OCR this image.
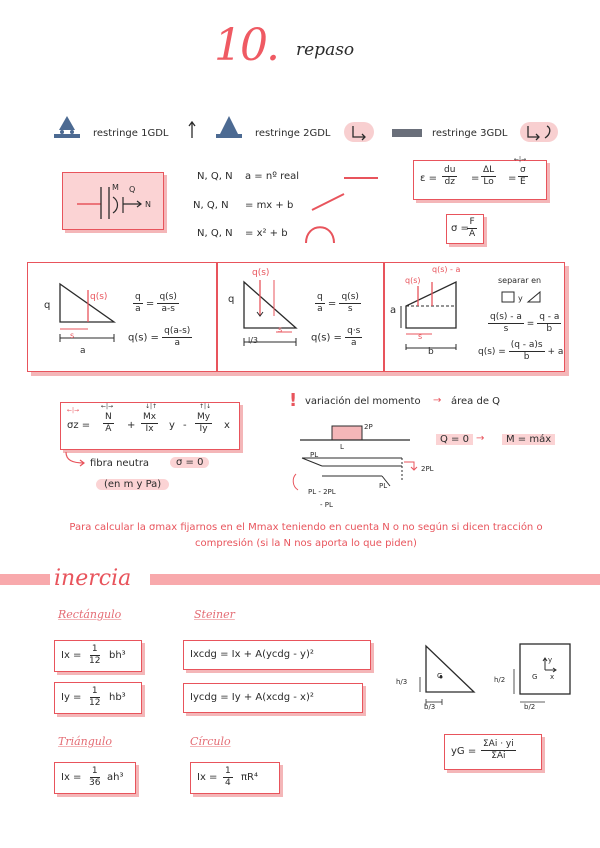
10. repaso
restringe 1GDL	restringe 2GDL	restringe 3GDL
M Q
N
N, Q, N a = nº real
N, Q, N = mx + b
N, Q, N = x² + b
$\varepsilon = \frac{du}{dz} = \frac{\Delta L}{Lo}$ =
←|→
$\frac{\sigma}{E}$
σ =
$\frac{F}{A}$
q
q(s)
s
a
$\frac{q}{a} = \frac{q(s)}{a-s}$
$q(s) = \frac{q(a-s)}{a}$
q
q(s)
s
l/3
$\frac{q}{a} = \frac{q(s)}{s}$
$q(s) = \frac{q\cdot s}{a}$
a
q(s)
q(s) - a
s
b
separar en
y
$\frac{q(s) - a}{s} = \frac{q - a}{b}$
$q(s) = \frac{(q - a)s}{b} + a$
←|→
σz =
←|→
$\frac{N}{A}$ +
↓|↑
$\frac{Mx}{Ix}$ y -
↑|↓
$\frac{My}{Iy}$ x
fibra neutra	σ = 0
(en m y Pa)
! variación del momento → área de Q
2P
L
PL
PL
2PL
PL - 2PL
- PL
Q = 0 →	M = máx
Para calcular la σmax fijarnos en el Mmax teniendo en cuenta N o no según si dicen tracción o compresión (si la N nos aporta lo que piden)
inercia
Rectángulo
$Ix = \frac{1}{12} bh^3$
$Iy = \frac{1}{12} hb^3$
Steiner
Ixcdg = Ix + A(ycdg - y)²
Iycdg = Iy + A(xcdg - x)²
Triángulo
$Ix = \frac{1}{36} ah^3$
Círculo
$Ix = \frac{1}{4} \pi R^4$
G
h/3
b/3
G x
y
h/2
b/2
yG = $\frac{\text{ΣAi · yi}}{\text{ΣAi}}$
